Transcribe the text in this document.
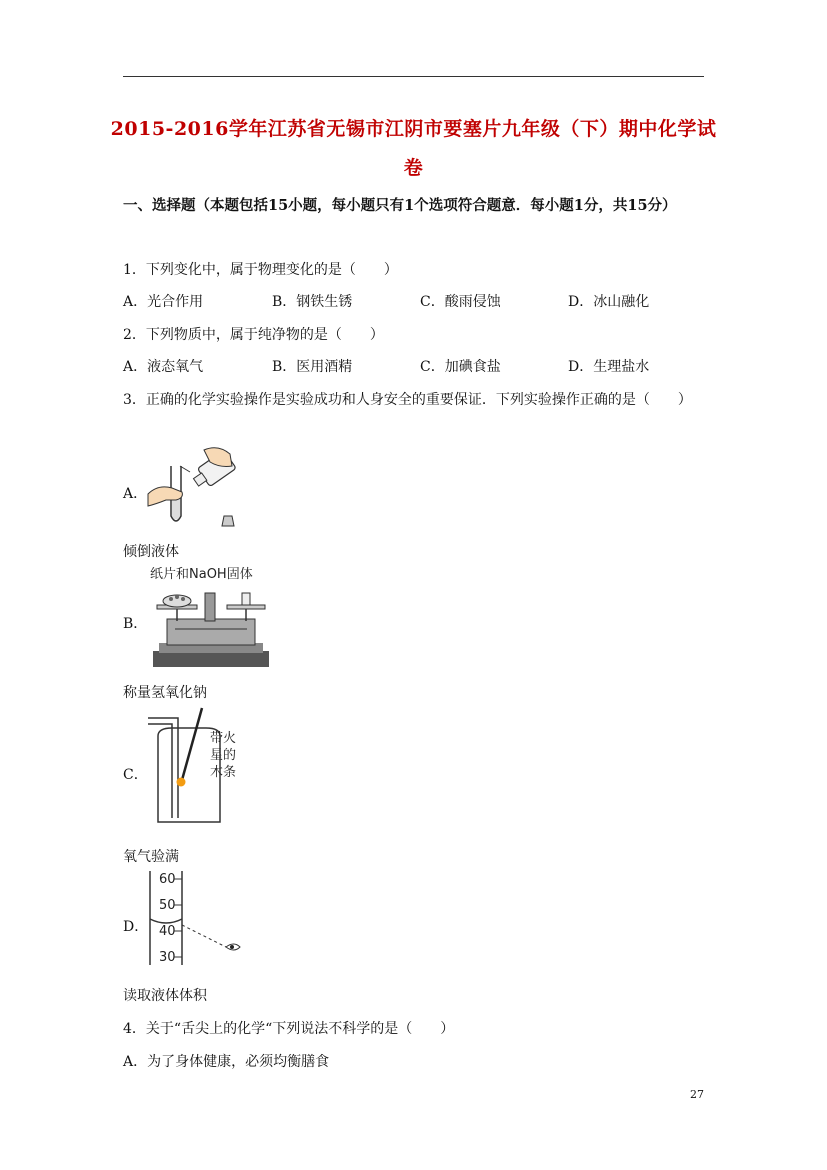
2015-2016学年江苏省无锡市江阴市要塞片九年级（下）期中化学试
卷
一、选择题（本题包括15小题，每小题只有1个选项符合题意．每小题1分，共15分）
1．下列变化中，属于物理变化的是（　　）
A．光合作用	B．钢铁生锈	C．酸雨侵蚀	D．冰山融化
2．下列物质中，属于纯净物的是（　　）
A．液态氧气	B．医用酒精	C．加碘食盐	D．生理盐水
3．正确的化学实验操作是实验成功和人身安全的重要保证．下列实验操作正确的是（　　）
A．
倾倒液体
B．
纸片和NaOH固体
称量氢氧化钠
C．
带火
星的
木条
氧气验满
D．
60
50
40
30
读取液体体积
4．关于“舌尖上的化学“下列说法不科学的是（　　）
A．为了身体健康，必须均衡膳食
27
